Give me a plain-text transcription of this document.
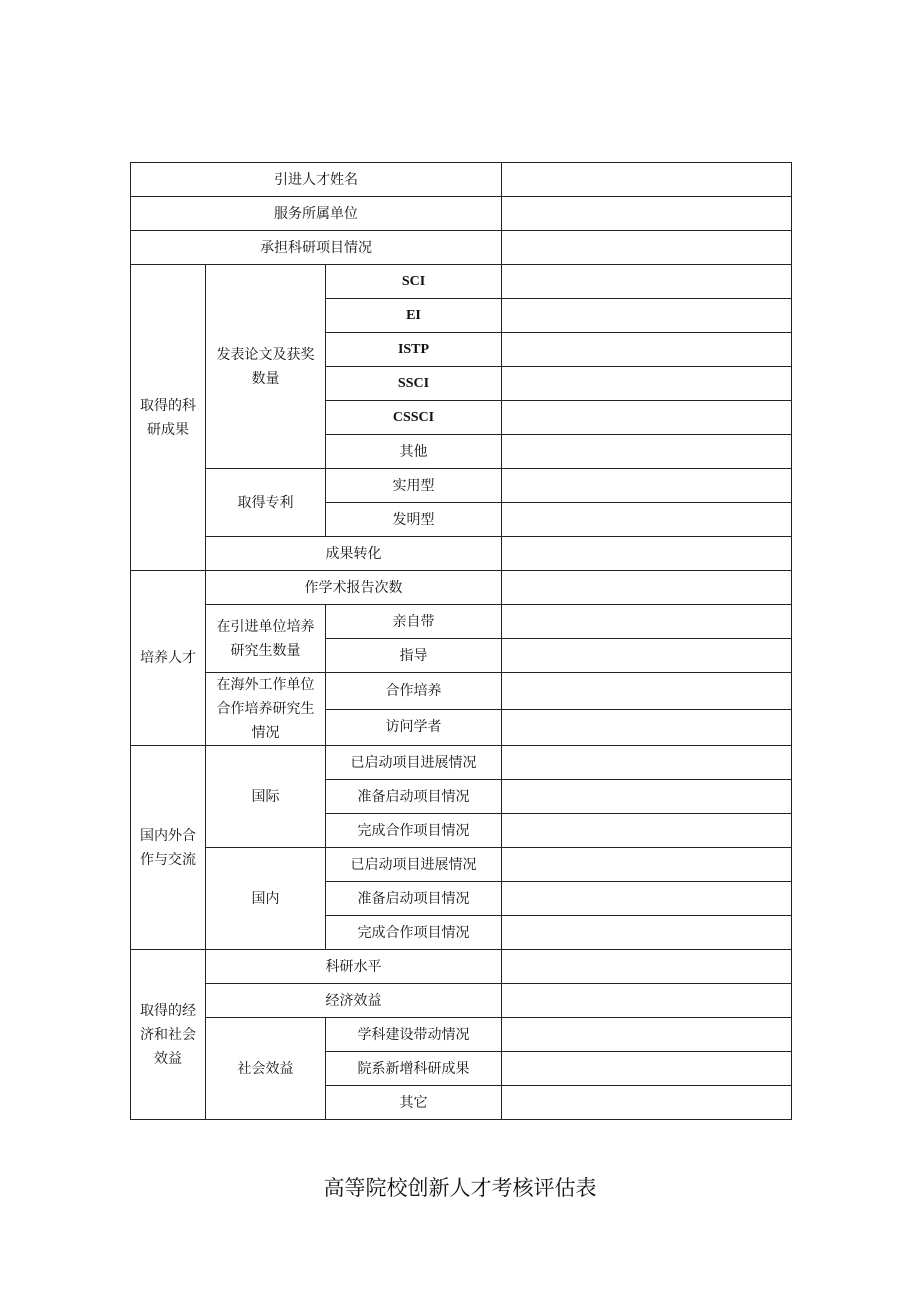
引进人才姓名			
服务所属单位			
承担科研项目情况			
取得的科研成果	发表论文及获奖数量	SCI	
		EI	
		ISTP	
		SSCI	
		CSSCI	
		其他	
	取得专利	实用型	
		发明型	
	成果转化		
培养人才	作学术报告次数		
	在引进单位培养研究生数量	亲自带	
		指导	
	在海外工作单位合作培养研究生情况	合作培养	
		访问学者	
国内外合作与交流	国际	已启动项目进展情况	
		准备启动项目情况	
		完成合作项目情况	
	国内	已启动项目进展情况	
		准备启动项目情况	
		完成合作项目情况	
取得的经济和社会效益	科研水平		
	经济效益		
	社会效益	学科建设带动情况	
		院系新增科研成果	
		其它	
高等院校创新人才考核评估表
